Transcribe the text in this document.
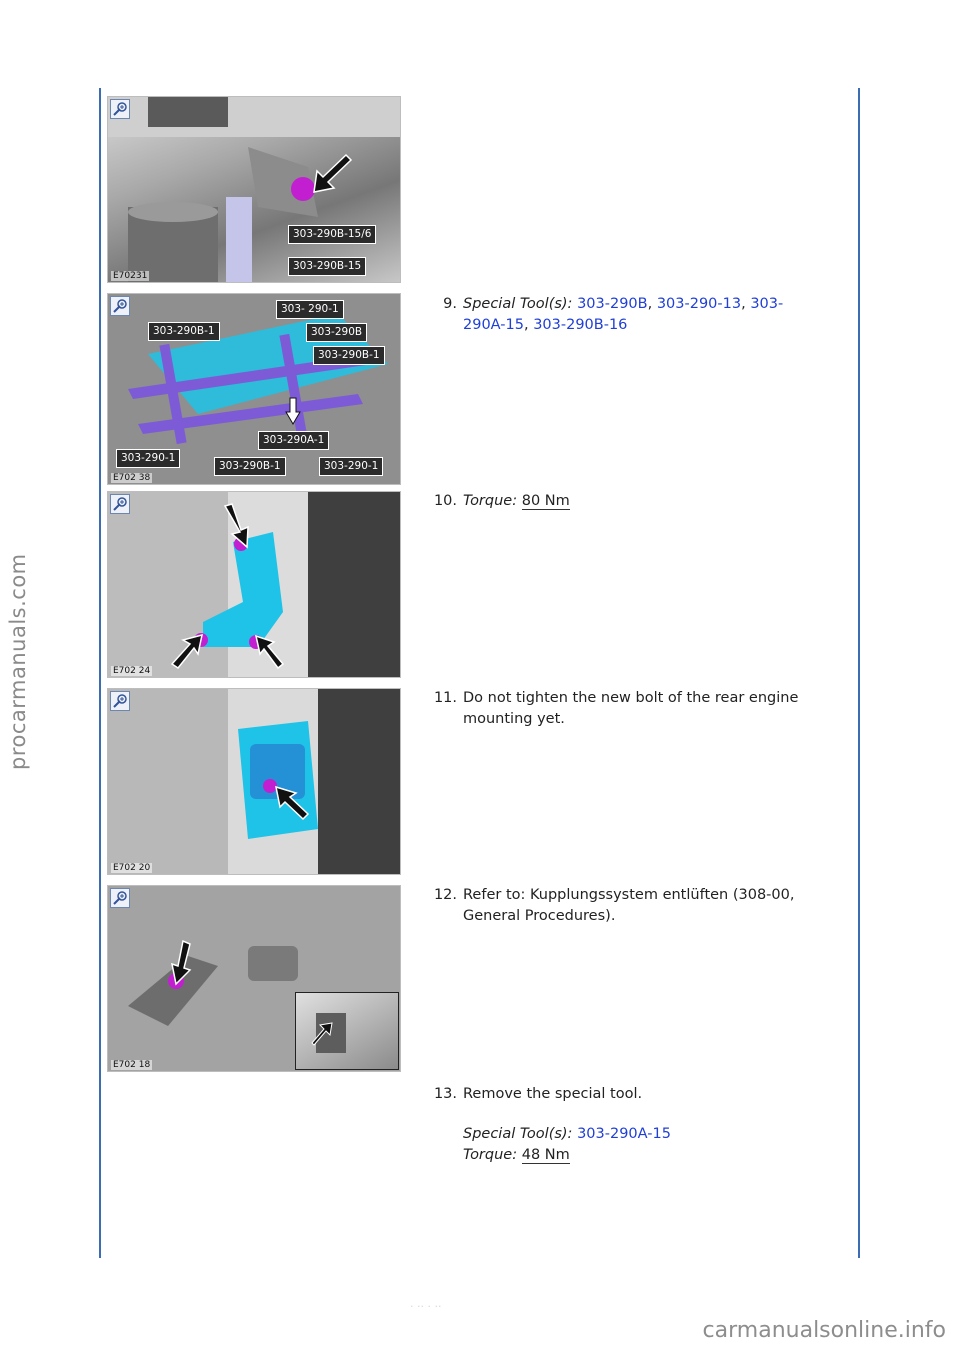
procarmanuals.com
303-290B-15/6
303-290B-15
E70231
303-290B-1
303- 290-1
303-290B
303-290B-1
303-290A-1
303-290-1
303-290B-1	303-290-1
E702 38
E702 24
E702 20
E702 18
9. Special Tool(s): 303-290B, 303-290-13, 303-
290A-15, 303-290B-16
10. Torque: 80 Nm
11. Do not tighten the new bolt of the rear engine mounting yet.
12. Refer to: Kupplungssystem entlüften (308-00, General Procedures).
13. Remove the special tool.
Special Tool(s): 303-290A-15
Torque: 48 Nm
· ·· · ··
carmanualsonline.info
